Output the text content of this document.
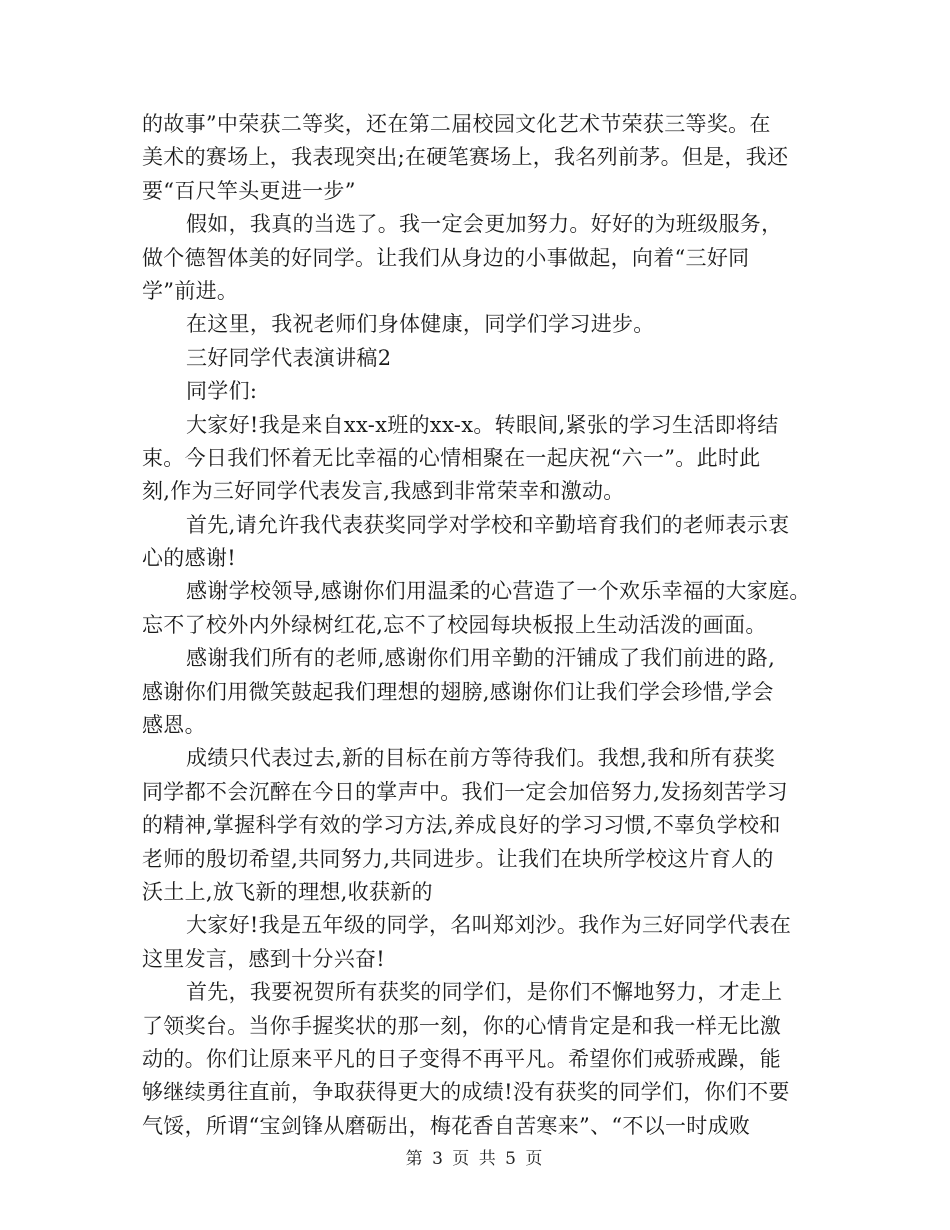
的故事”中荣获二等奖，还在第二届校园文化艺术节荣获三等奖。在
美术的赛场上，我表现突出;在硬笔赛场上，我名列前茅。但是，我还
要“百尺竿头更进一步”
假如，我真的当选了。我一定会更加努力。好好的为班级服务，
做个德智体美的好同学。让我们从身边的小事做起，向着“三好同
学”前进。
在这里，我祝老师们身体健康，同学们学习进步。
三好同学代表演讲稿2
同学们:
大家好!我是来自xx-x班的xx-x。转眼间,紧张的学习生活即将结
束。今日我们怀着无比幸福的心情相聚在一起庆祝“六一”。此时此
刻,作为三好同学代表发言,我感到非常荣幸和激动。
首先,请允许我代表获奖同学对学校和辛勤培育我们的老师表示衷
心的感谢!
感谢学校领导,感谢你们用温柔的心营造了一个欢乐幸福的大家庭。
忘不了校外内外绿树红花,忘不了校园每块板报上生动活泼的画面。
感谢我们所有的老师,感谢你们用辛勤的汗铺成了我们前进的路,
感谢你们用微笑鼓起我们理想的翅膀,感谢你们让我们学会珍惜,学会
感恩。
成绩只代表过去,新的目标在前方等待我们。我想,我和所有获奖
同学都不会沉醉在今日的掌声中。我们一定会加倍努力,发扬刻苦学习
的精神,掌握科学有效的学习方法,养成良好的学习习惯,不辜负学校和
老师的殷切希望,共同努力,共同进步。让我们在块所学校这片育人的
沃土上,放飞新的理想,收获新的
大家好!我是五年级的同学，名叫郑刘沙。我作为三好同学代表在
这里发言，感到十分兴奋!
首先，我要祝贺所有获奖的同学们，是你们不懈地努力，才走上
了领奖台。当你手握奖状的那一刻，你的心情肯定是和我一样无比激
动的。你们让原来平凡的日子变得不再平凡。希望你们戒骄戒躁，能
够继续勇往直前，争取获得更大的成绩!没有获奖的同学们，你们不要
气馁，所谓“宝剑锋从磨砺出，梅花香自苦寒来”、“不以一时成败
第 3 页 共 5 页
